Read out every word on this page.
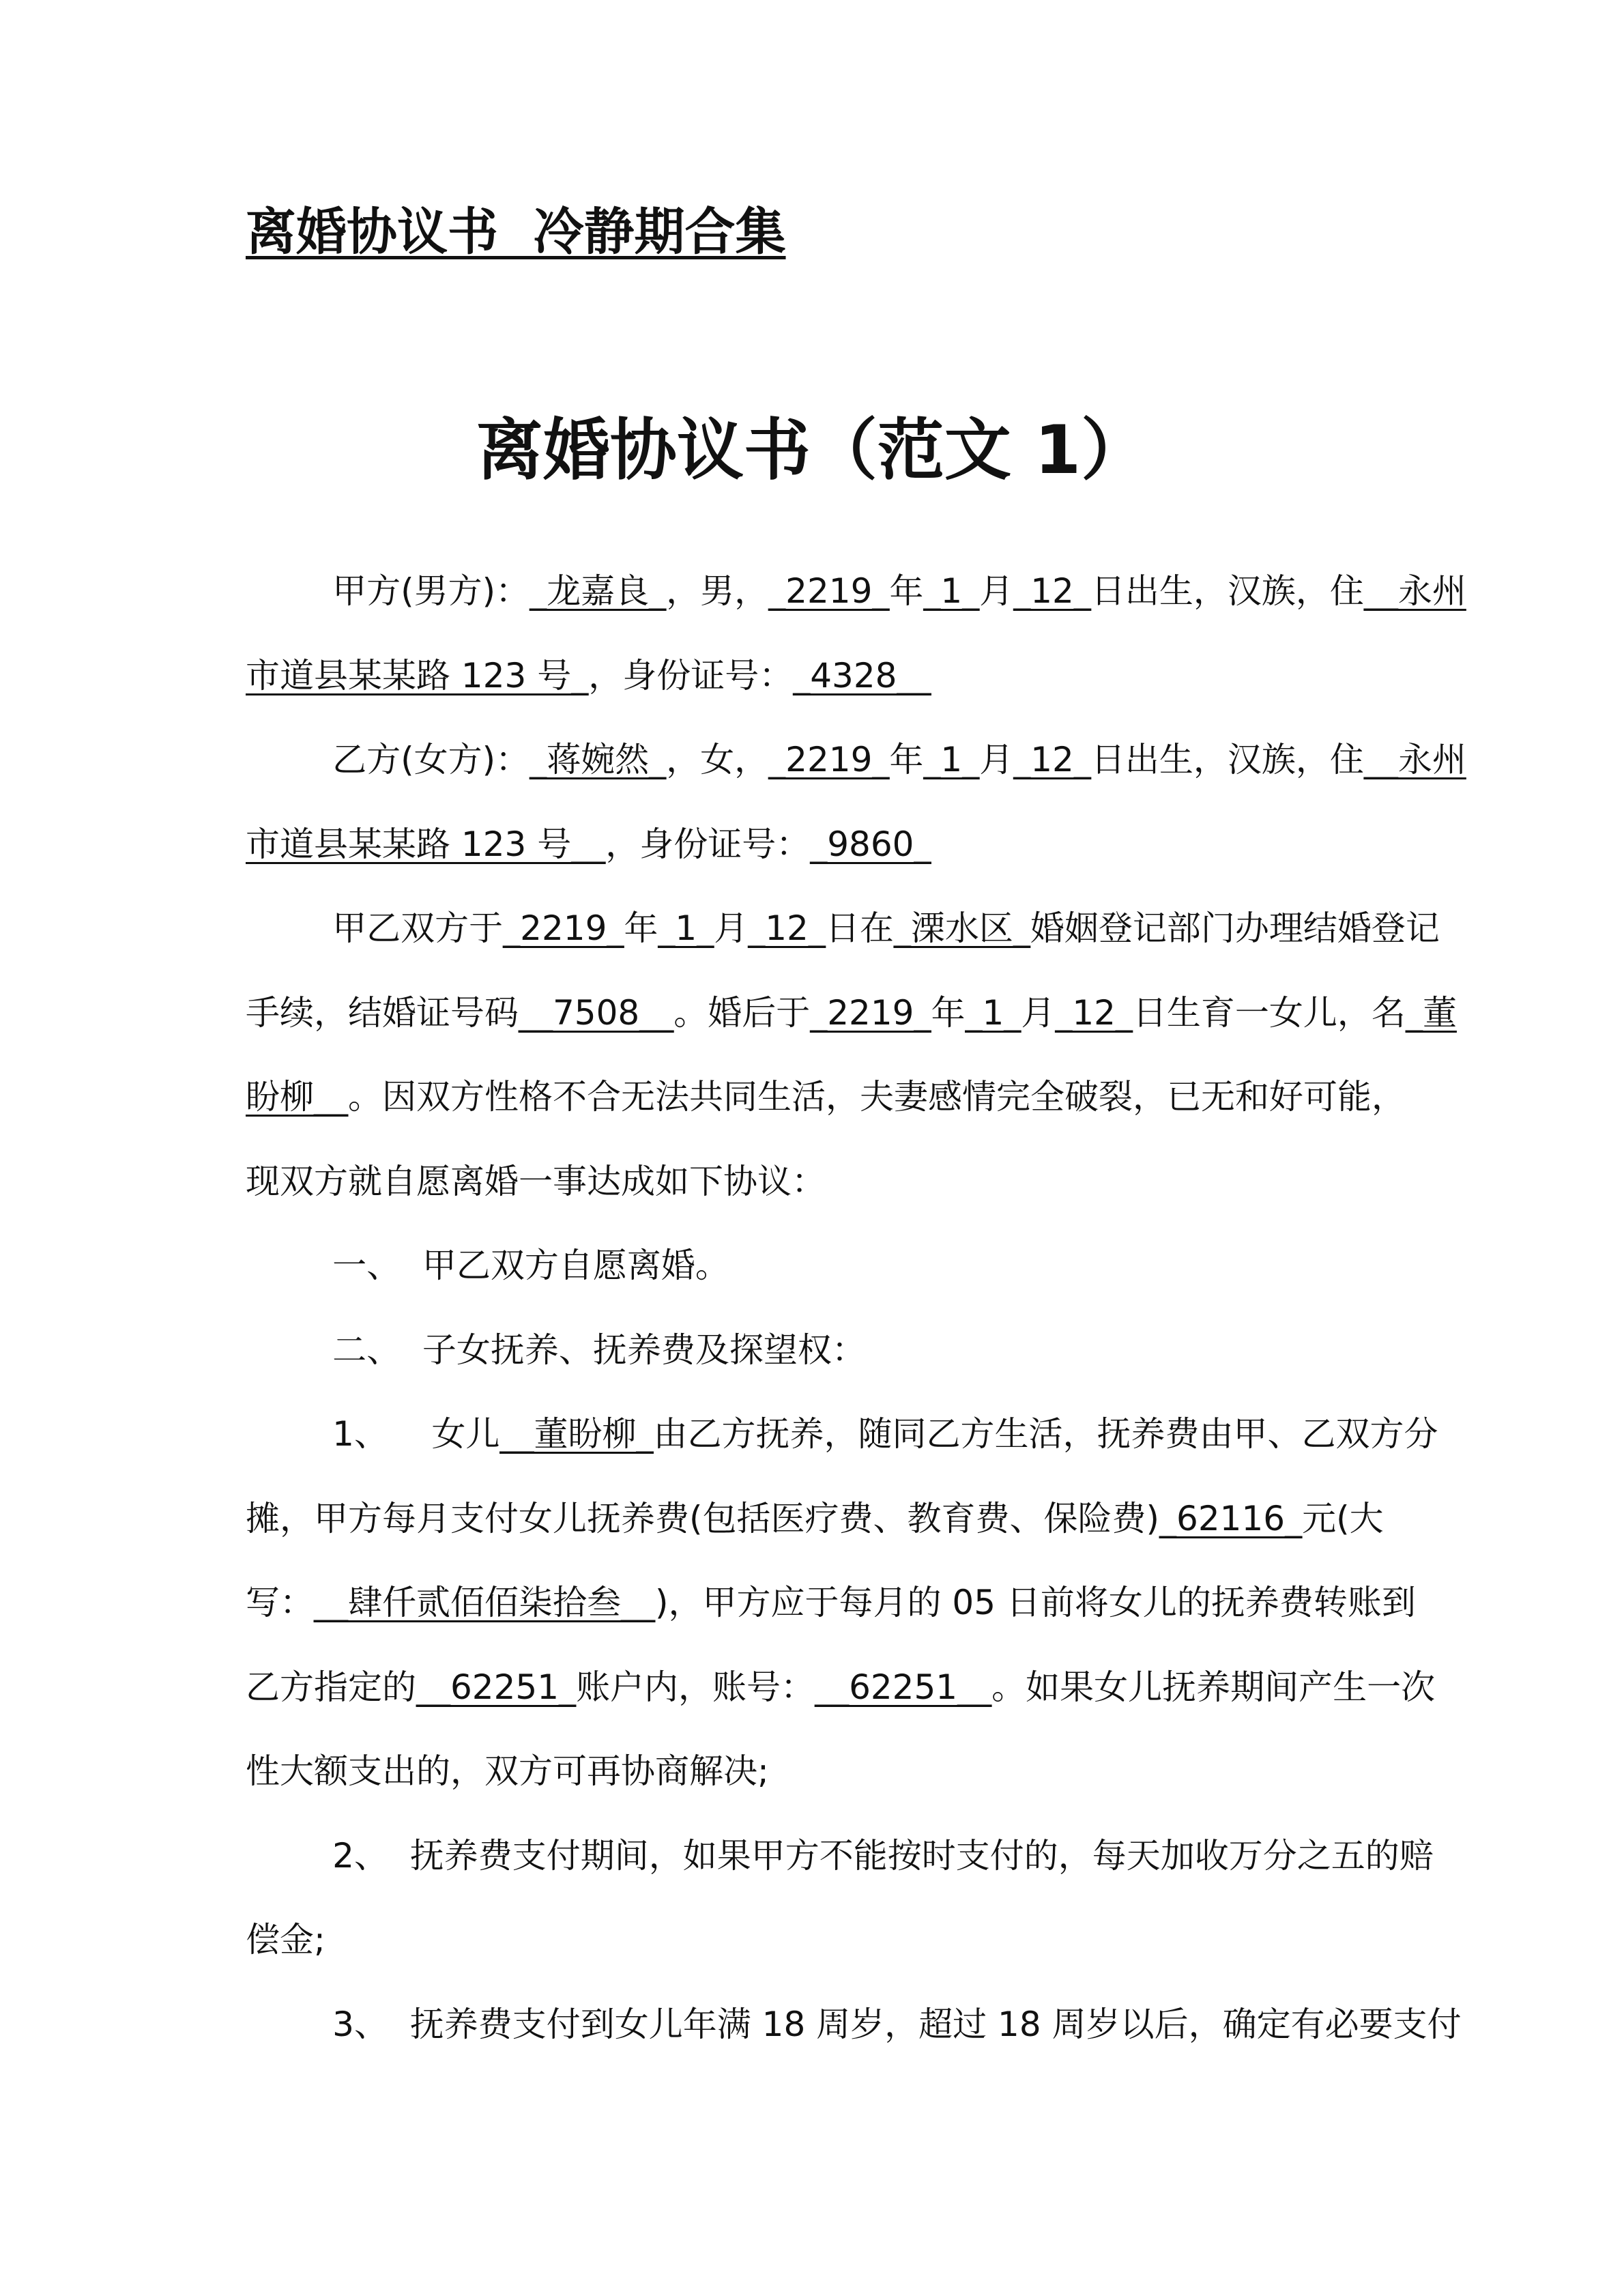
离婚协议书  冷静期合集
离婚协议书（范文 1）
甲方(男方)：_龙嘉良_，男，_2219_年_1_月_12_日出生，汉族，住__永州
市道县某某路 123 号_，身份证号：_4328__
乙方(女方)：_蒋婉然_，女，_2219_年_1_月_12_日出生，汉族，住__永州
市道县某某路 123 号__，身份证号：_9860_
甲乙双方于_2219_年_1_月_12_日在_溧水区_婚姻登记部门办理结婚登记
手续，结婚证号码__7508__。婚后于_2219_年_1_月_12_日生育一女儿，名_董
盼柳__。因双方性格不合无法共同生活，夫妻感情完全破裂，已无和好可能，
现双方就自愿离婚一事达成如下协议：
一、  甲乙双方自愿离婚。
二、  子女抚养、抚养费及探望权：
1、    女儿__董盼柳_由乙方抚养，随同乙方生活，抚养费由甲、乙双方分
摊，甲方每月支付女儿抚养费(包括医疗费、教育费、保险费)_62116_元(大
写：__肆仟贰佰佰柒拾叁__)，甲方应于每月的 05 日前将女儿的抚养费转账到
乙方指定的__62251_账户内，账号：__62251__。如果女儿抚养期间产生一次
性大额支出的，双方可再协商解决;
2、  抚养费支付期间，如果甲方不能按时支付的，每天加收万分之五的赔
偿金;
3、  抚养费支付到女儿年满 18 周岁，超过 18 周岁以后，确定有必要支付
